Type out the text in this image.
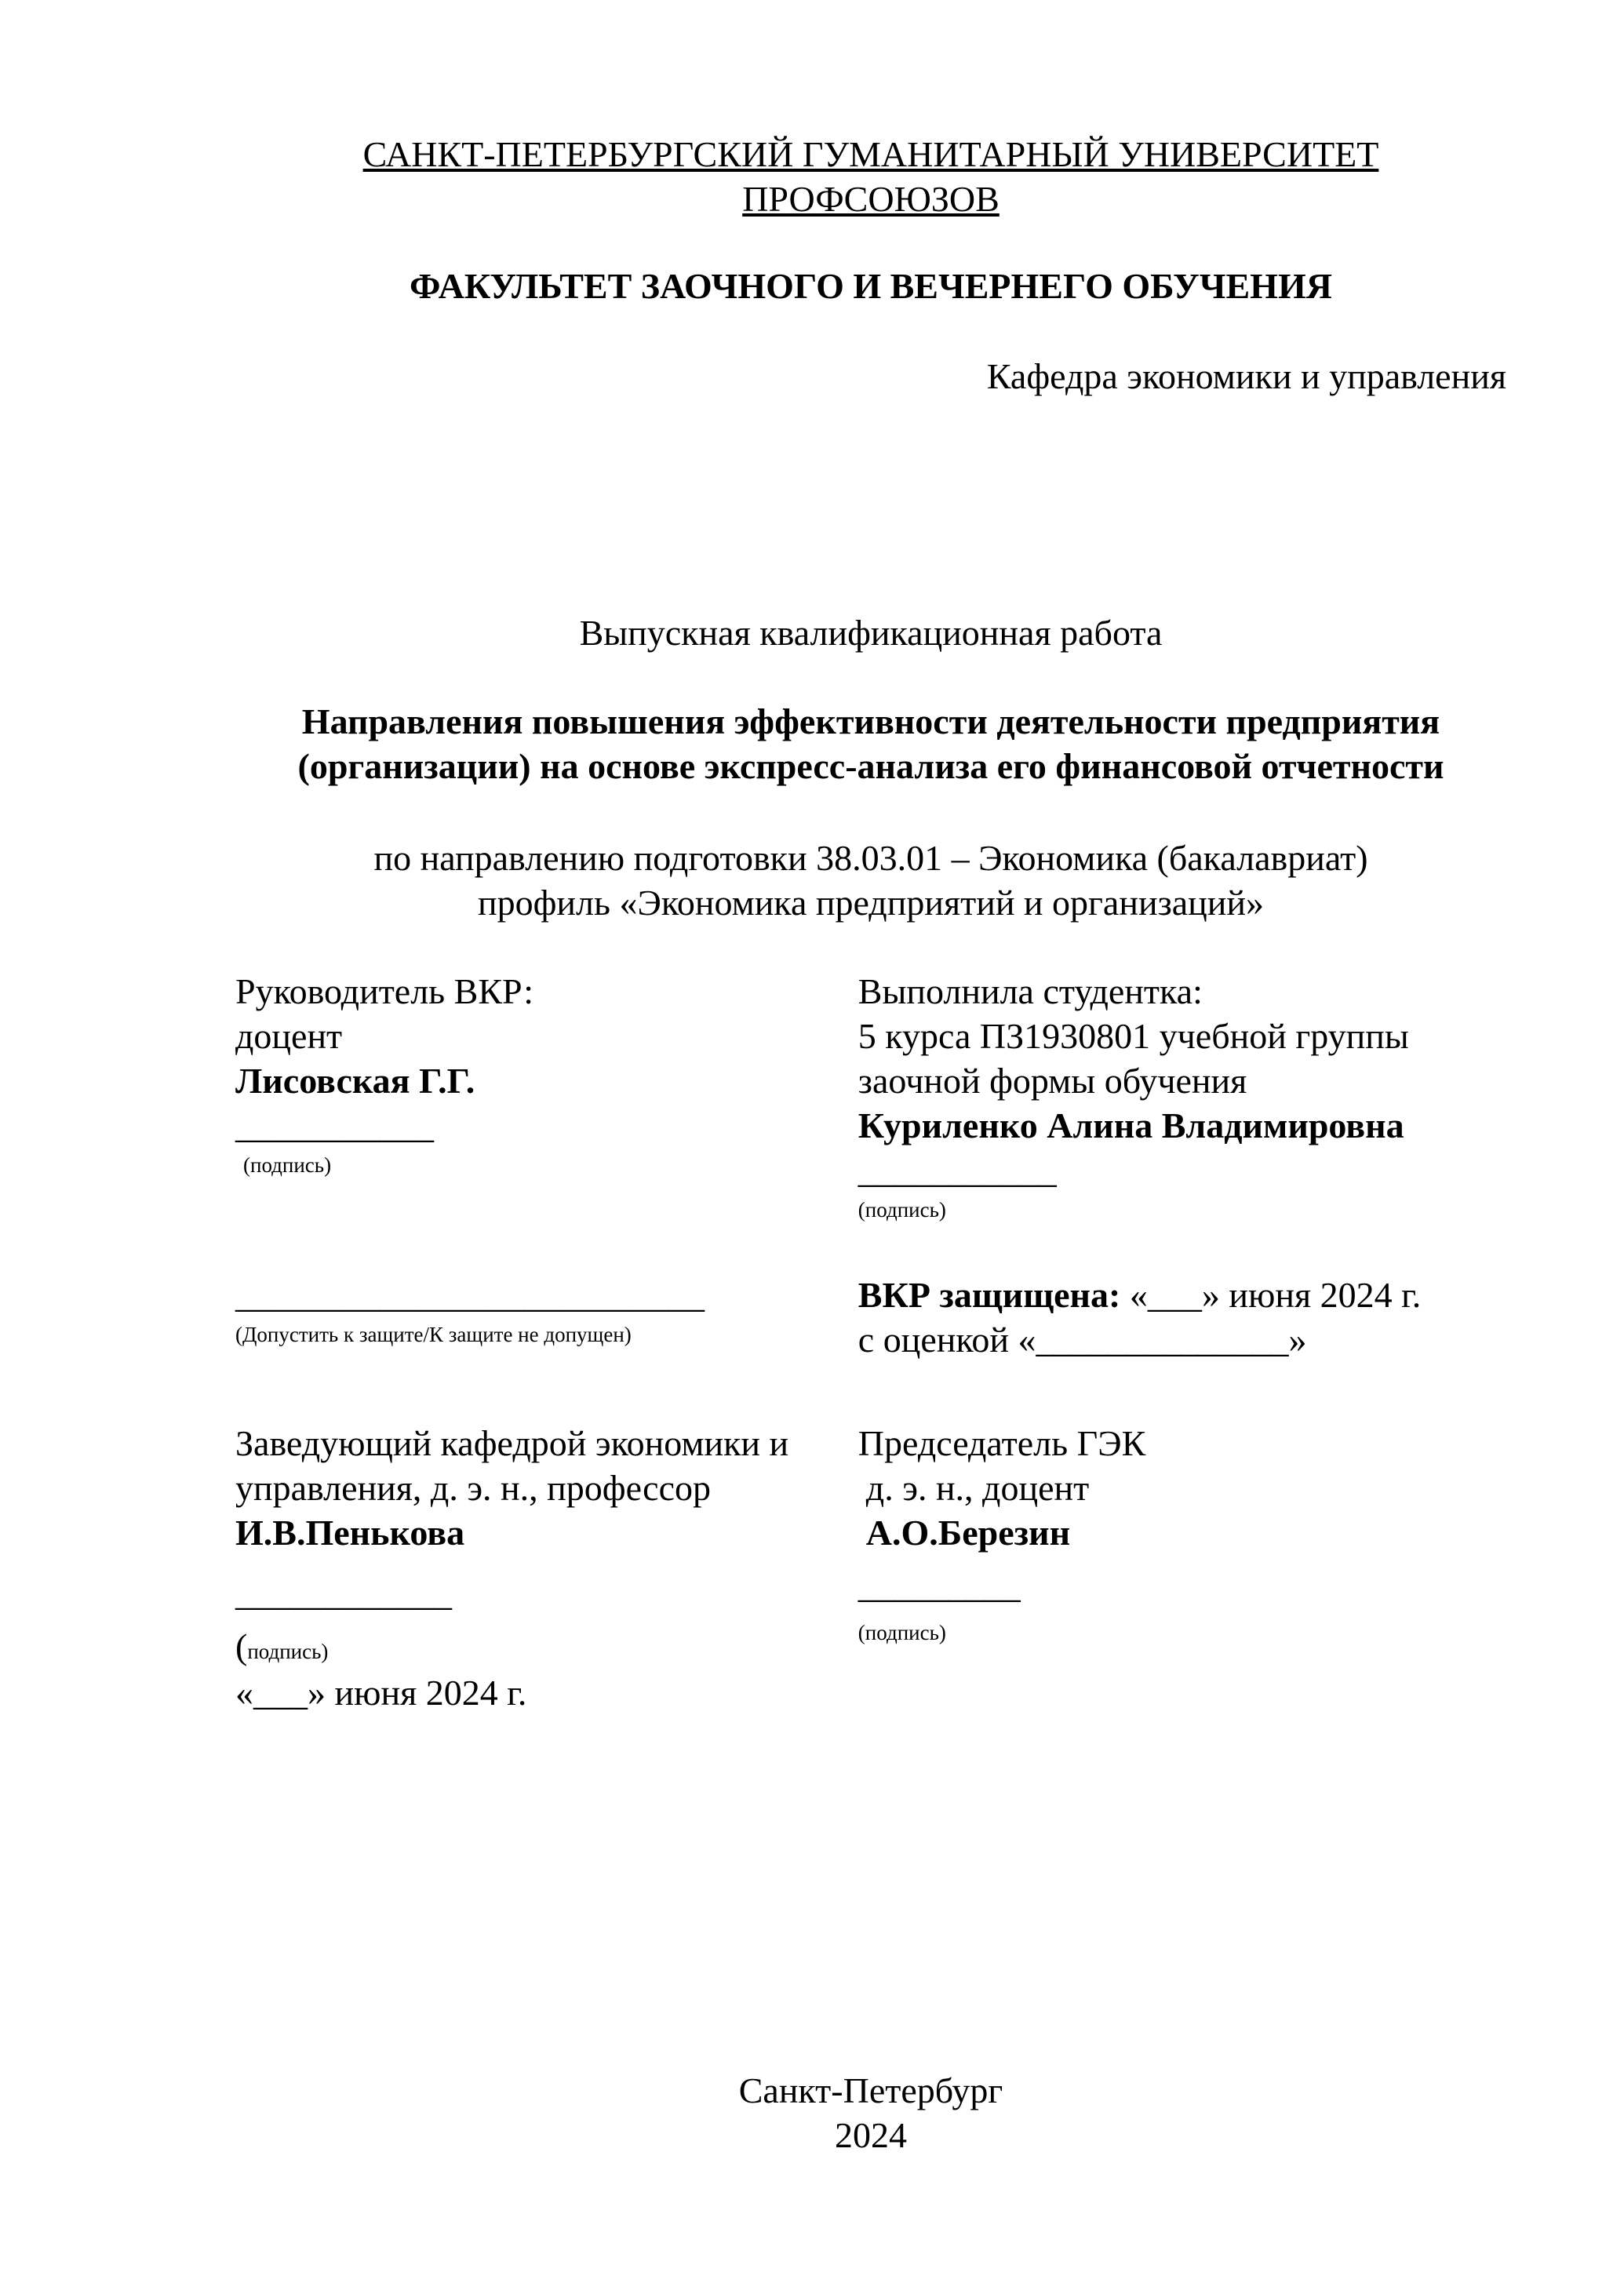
САНКТ-ПЕТЕРБУРГСКИЙ ГУМАНИТАРНЫЙ УНИВЕРСИТЕТ ПРОФСОЮЗОВ
ФАКУЛЬТЕТ ЗАОЧНОГО И ВЕЧЕРНЕГО ОБУЧЕНИЯ
Кафедра экономики и управления
Выпускная квалификационная работа
Направления повышения эффективности деятельности предприятия
(организации) на основе экспресс-анализа его финансовой отчетности
по направлению подготовки 38.03.01 – Экономика (бакалавриат)
профиль «Экономика предприятий и организаций»
Руководитель ВКР:
доцент
Лисовская Г.Г.
___________
(подпись)
Выполнила студентка:
5 курса ПЗ1930801 учебной группы
заочной формы обучения
Куриленко Алина Владимировна
___________
(подпись)
__________________________
(Допустить к защите/К защите не допущен)
ВКР защищена: «___» июня 2024 г.
с оценкой «______________»
Заведующий кафедрой экономики и
управления, д. э. н., профессор
И.В.Пенькова
____________
(подпись)
«___» июня 2024 г.
Председатель ГЭК
д. э. н., доцент
А.О.Березин
_________
(подпись)
Санкт-Петербург
2024
